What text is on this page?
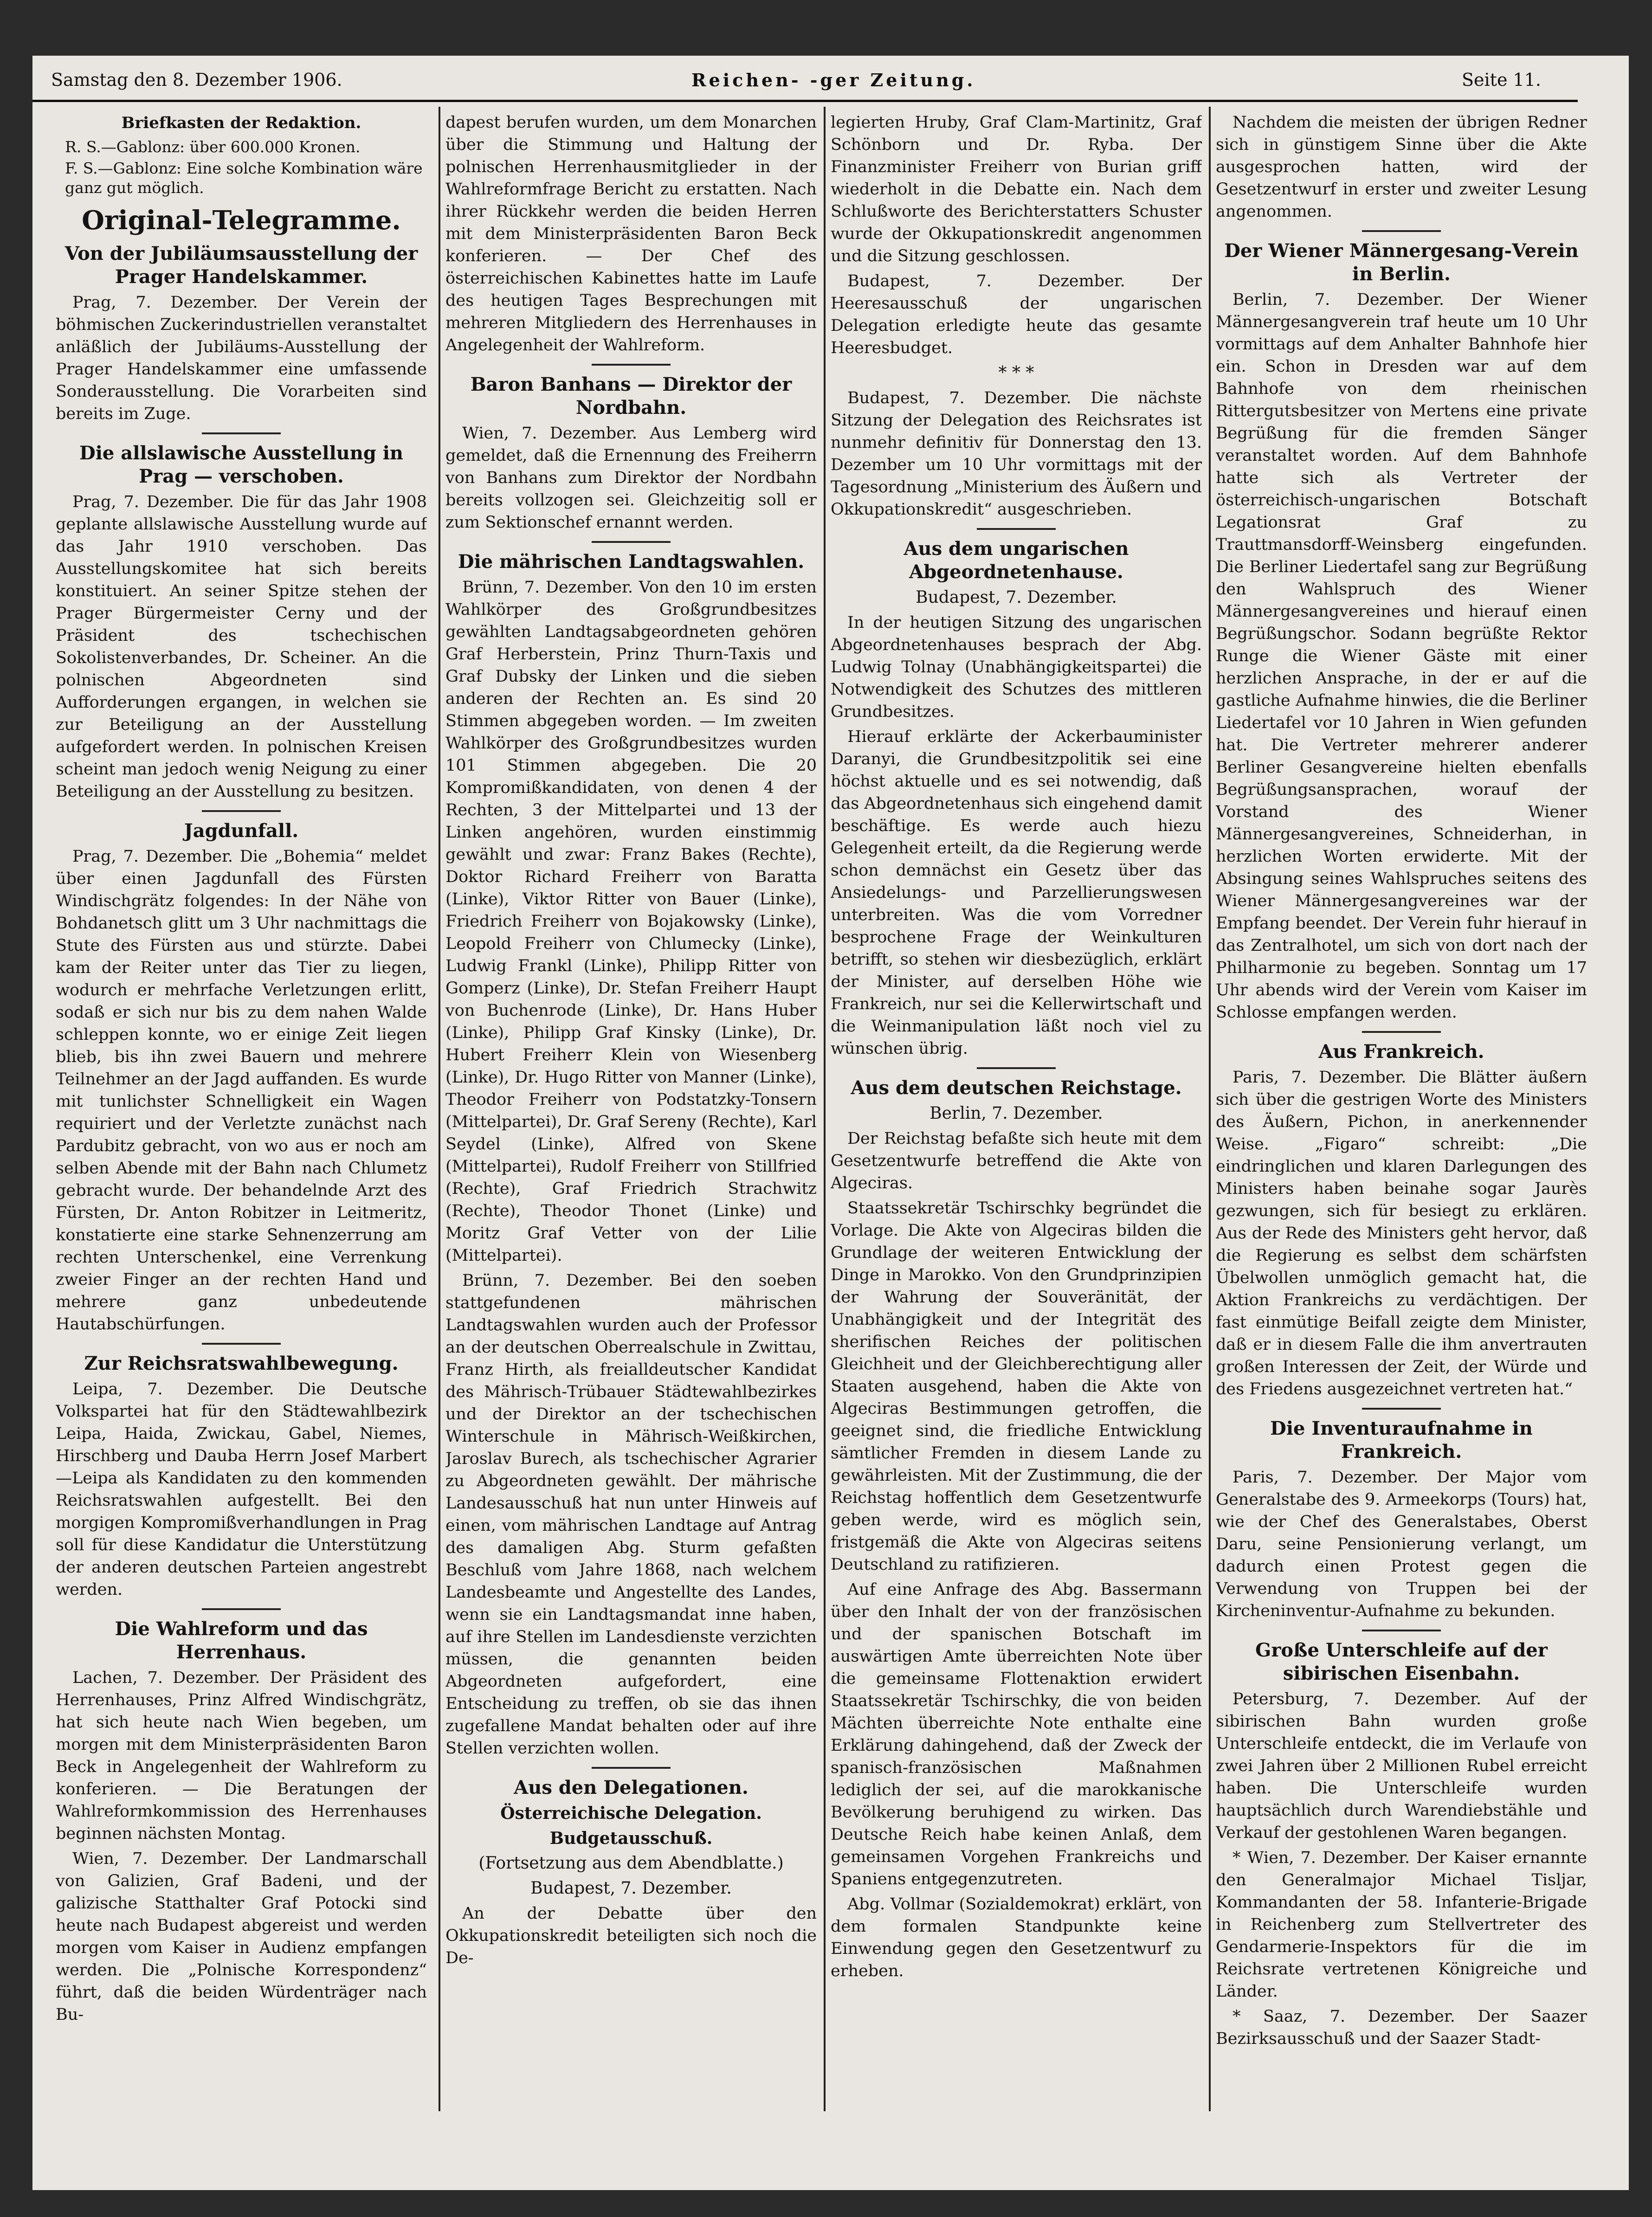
Samstag den 8. Dezember 1906.	Reichen‑ ‑ger Zeitung.	Seite 11.
Briefkasten der Redaktion.
R. S.—Gablonz: über 600.000 Kronen.
F. S.—Gablonz: Eine solche Kombination wäre ganz gut möglich.
Original‑Telegramme.
Von der Jubiläumsausstellung der Prager Handelskammer.

Prag, 7. Dezember. Der Verein der böhmischen Zuckerindustriellen veranstaltet anläßlich der Jubiläums‑Ausstellung der Prager Handelskammer eine umfassende Sonderausstellung. Die Vorarbeiten sind bereits im Zuge.

Die allslawische Ausstellung in Prag — verschoben.

Prag, 7. Dezember. Die für das Jahr 1908 geplante allslawische Ausstellung wurde auf das Jahr 1910 verschoben. Das Ausstellungskomitee hat sich bereits konstituiert. An seiner Spitze stehen der Prager Bürgermeister Cerny und der Präsident des tschechischen Sokolistenverbandes, Dr. Scheiner. An die polnischen Abgeordneten sind Aufforderungen ergangen, in welchen sie zur Beteiligung an der Ausstellung aufgefordert werden. In polnischen Kreisen scheint man jedoch wenig Neigung zu einer Beteiligung an der Ausstellung zu besitzen.

Jagdunfall.

Prag, 7. Dezember. Die „Bohemia“ meldet über einen Jagdunfall des Fürsten Windischgrätz folgendes: In der Nähe von Bohdanetsch glitt um 3 Uhr nachmittags die Stute des Fürsten aus und stürzte. Dabei kam der Reiter unter das Tier zu liegen, wodurch er mehrfache Verletzungen erlitt, sodaß er sich nur bis zu dem nahen Walde schleppen konnte, wo er einige Zeit liegen blieb, bis ihn zwei Bauern und mehrere Teilnehmer an der Jagd auffanden. Es wurde mit tunlichster Schnelligkeit ein Wagen requiriert und der Verletzte zunächst nach Pardubitz gebracht, von wo aus er noch am selben Abende mit der Bahn nach Chlumetz gebracht wurde. Der behandelnde Arzt des Fürsten, Dr. Anton Robitzer in Leitmeritz, konstatierte eine starke Sehnenzerrung am rechten Unterschenkel, eine Verrenkung zweier Finger an der rechten Hand und mehrere ganz unbedeutende Hautabschürfungen.

Zur Reichsratswahlbewegung.

Leipa, 7. Dezember. Die Deutsche Volkspartei hat für den Städtewahlbezirk Leipa, Haida, Zwickau, Gabel, Niemes, Hirschberg und Dauba Herrn Josef Marbert—Leipa als Kandidaten zu den kommenden Reichsratswahlen aufgestellt. Bei den morgigen Kompromißverhandlungen in Prag soll für diese Kandidatur die Unterstützung der anderen deutschen Parteien angestrebt werden.

Die Wahlreform und das Herrenhaus.

Lachen, 7. Dezember. Der Präsident des Herrenhauses, Prinz Alfred Windischgrätz, hat sich heute nach Wien begeben, um morgen mit dem Ministerpräsidenten Baron Beck in Angelegenheit der Wahlreform zu konferieren. — Die Beratungen der Wahlreformkommission des Herrenhauses beginnen nächsten Montag.

Wien, 7. Dezember. Der Landmarschall von Galizien, Graf Badeni, und der galizische Statthalter Graf Potocki sind heute nach Budapest abgereist und werden morgen vom Kaiser in Audienz empfangen werden. Die „Polnische Korrespondenz“ führt, daß die beiden Würdenträger nach Bu‑

dapest berufen wurden, um dem Monarchen über die Stimmung und Haltung der polnischen Herrenhausmitglieder in der Wahlreformfrage Bericht zu erstatten. Nach ihrer Rückkehr werden die beiden Herren mit dem Ministerpräsidenten Baron Beck konferieren. — Der Chef des österreichischen Kabinettes hatte im Laufe des heutigen Tages Besprechungen mit mehreren Mitgliedern des Herrenhauses in Angelegenheit der Wahlreform.

Baron Banhans — Direktor der Nordbahn.

Wien, 7. Dezember. Aus Lemberg wird gemeldet, daß die Ernennung des Freiherrn von Banhans zum Direktor der Nordbahn bereits vollzogen sei. Gleichzeitig soll er zum Sektionschef ernannt werden.

Die mährischen Landtagswahlen.

Brünn, 7. Dezember. Von den 10 im ersten Wahlkörper des Großgrundbesitzes gewählten Landtagsabgeordneten gehören Graf Herberstein, Prinz Thurn‑Taxis und Graf Dubsky der Linken und die sieben anderen der Rechten an. Es sind 20 Stimmen abgegeben worden. — Im zweiten Wahlkörper des Großgrundbesitzes wurden 101 Stimmen abgegeben. Die 20 Kompromißkandidaten, von denen 4 der Rechten, 3 der Mittelpartei und 13 der Linken angehören, wurden einstimmig gewählt und zwar: Franz Bakes (Rechte), Doktor Richard Freiherr von Baratta (Linke), Viktor Ritter von Bauer (Linke), Friedrich Freiherr von Bojakowsky (Linke), Leopold Freiherr von Chlumecky (Linke), Ludwig Frankl (Linke), Philipp Ritter von Gomperz (Linke), Dr. Stefan Freiherr Haupt von Buchenrode (Linke), Dr. Hans Huber (Linke), Philipp Graf Kinsky (Linke), Dr. Hubert Freiherr Klein von Wiesenberg (Linke), Dr. Hugo Ritter von Manner (Linke), Theodor Freiherr von Podstatzky‑Tonsern (Mittelpartei), Dr. Graf Sereny (Rechte), Karl Seydel (Linke), Alfred von Skene (Mittelpartei), Rudolf Freiherr von Stillfried (Rechte), Graf Friedrich Strachwitz (Rechte), Theodor Thonet (Linke) und Moritz Graf Vetter von der Lilie (Mittelpartei).

Brünn, 7. Dezember. Bei den soeben stattgefundenen mährischen Landtagswahlen wurden auch der Professor an der deutschen Oberrealschule in Zwittau, Franz Hirth, als freialldeutscher Kandidat des Mährisch‑Trübauer Städtewahlbezirkes und der Direktor an der tschechischen Winterschule in Mährisch‑Weißkirchen, Jaroslav Burech, als tschechischer Agrarier zu Abgeordneten gewählt. Der mährische Landesausschuß hat nun unter Hinweis auf einen, vom mährischen Landtage auf Antrag des damaligen Abg. Sturm gefaßten Beschluß vom Jahre 1868, nach welchem Landesbeamte und Angestellte des Landes, wenn sie ein Landtagsmandat inne haben, auf ihre Stellen im Landesdienste verzichten müssen, die genannten beiden Abgeordneten aufgefordert, eine Entscheidung zu treffen, ob sie das ihnen zugefallene Mandat behalten oder auf ihre Stellen verzichten wollen.

Aus den Delegationen.
Österreichische Delegation.
Budgetausschuß.
(Fortsetzung aus dem Abendblatte.)
Budapest, 7. Dezember.

An der Debatte über den Okkupationskredit beteiligten sich noch die De‑

legierten Hruby, Graf Clam‑Martinitz, Graf Schönborn und Dr. Ryba. Der Finanzminister Freiherr von Burian griff wiederholt in die Debatte ein. Nach dem Schlußworte des Berichterstatters Schuster wurde der Okkupationskredit angenommen und die Sitzung geschlossen.

Budapest, 7. Dezember. Der Heeresausschuß der ungarischen Delegation erledigte heute das gesamte Heeresbudget.

* * *

Budapest, 7. Dezember. Die nächste Sitzung der Delegation des Reichsrates ist nunmehr definitiv für Donnerstag den 13. Dezember um 10 Uhr vormittags mit der Tagesordnung „Ministerium des Äußern und Okkupationskredit“ ausgeschrieben.

Aus dem ungarischen Abgeordnetenhause.
Budapest, 7. Dezember.

In der heutigen Sitzung des ungarischen Abgeordnetenhauses besprach der Abg. Ludwig Tolnay (Unabhängigkeitspartei) die Notwendigkeit des Schutzes des mittleren Grundbesitzes.

Hierauf erklärte der Ackerbauminister Daranyi, die Grundbesitzpolitik sei eine höchst aktuelle und es sei notwendig, daß das Abgeordnetenhaus sich eingehend damit beschäftige. Es werde auch hiezu Gelegenheit erteilt, da die Regierung werde schon demnächst ein Gesetz über das Ansiedelungs‑ und Parzellierungswesen unterbreiten. Was die vom Vorredner besprochene Frage der Weinkulturen betrifft, so stehen wir diesbezüglich, erklärt der Minister, auf derselben Höhe wie Frankreich, nur sei die Kellerwirtschaft und die Weinmanipulation läßt noch viel zu wünschen übrig.

Aus dem deutschen Reichstage.
Berlin, 7. Dezember.

Der Reichstag befaßte sich heute mit dem Gesetzentwurfe betreffend die Akte von Algeciras.

Staatssekretär Tschirschky begründet die Vorlage. Die Akte von Algeciras bilden die Grundlage der weiteren Entwicklung der Dinge in Marokko. Von den Grundprinzipien der Wahrung der Souveränität, der Unabhängigkeit und der Integrität des sherifischen Reiches der politischen Gleichheit und der Gleichberechtigung aller Staaten ausgehend, haben die Akte von Algeciras Bestimmungen getroffen, die geeignet sind, die friedliche Entwicklung sämtlicher Fremden in diesem Lande zu gewährleisten. Mit der Zustimmung, die der Reichstag hoffentlich dem Gesetzentwurfe geben werde, wird es möglich sein, fristgemäß die Akte von Algeciras seitens Deutschland zu ratifizieren.

Auf eine Anfrage des Abg. Bassermann über den Inhalt der von der französischen und der spanischen Botschaft im auswärtigen Amte überreichten Note über die gemeinsame Flottenaktion erwidert Staatssekretär Tschirschky, die von beiden Mächten überreichte Note enthalte eine Erklärung dahingehend, daß der Zweck der spanisch‑französischen Maßnahmen lediglich der sei, auf die marokkanische Bevölkerung beruhigend zu wirken. Das Deutsche Reich habe keinen Anlaß, dem gemeinsamen Vorgehen Frankreichs und Spaniens entgegenzutreten.

Abg. Vollmar (Sozialdemokrat) erklärt, von dem formalen Standpunkte keine Einwendung gegen den Gesetzentwurf zu erheben.

Nachdem die meisten der übrigen Redner sich in günstigem Sinne über die Akte ausgesprochen hatten, wird der Gesetzentwurf in erster und zweiter Lesung angenommen.

Der Wiener Männergesang‑Verein in Berlin.

Berlin, 7. Dezember. Der Wiener Männergesangverein traf heute um 10 Uhr vormittags auf dem Anhalter Bahnhofe hier ein. Schon in Dresden war auf dem Bahnhofe von dem rheinischen Rittergutsbesitzer von Mertens eine private Begrüßung für die fremden Sänger veranstaltet worden. Auf dem Bahnhofe hatte sich als Vertreter der österreichisch‑ungarischen Botschaft Legationsrat Graf zu Trauttmansdorff‑Weinsberg eingefunden. Die Berliner Liedertafel sang zur Begrüßung den Wahlspruch des Wiener Männergesangvereines und hierauf einen Begrüßungschor. Sodann begrüßte Rektor Runge die Wiener Gäste mit einer herzlichen Ansprache, in der er auf die gastliche Aufnahme hinwies, die die Berliner Liedertafel vor 10 Jahren in Wien gefunden hat. Die Vertreter mehrerer anderer Berliner Gesangvereine hielten ebenfalls Begrüßungsansprachen, worauf der Vorstand des Wiener Männergesangvereines, Schneiderhan, in herzlichen Worten erwiderte. Mit der Absingung seines Wahlspruches seitens des Wiener Männergesangvereines war der Empfang beendet. Der Verein fuhr hierauf in das Zentralhotel, um sich von dort nach der Philharmonie zu begeben. Sonntag um 17 Uhr abends wird der Verein vom Kaiser im Schlosse empfangen werden.

Aus Frankreich.

Paris, 7. Dezember. Die Blätter äußern sich über die gestrigen Worte des Ministers des Äußern, Pichon, in anerkennender Weise. „Figaro“ schreibt: „Die eindringlichen und klaren Darlegungen des Ministers haben beinahe sogar Jaurès gezwungen, sich für besiegt zu erklären. Aus der Rede des Ministers geht hervor, daß die Regierung es selbst dem schärfsten Übelwollen unmöglich gemacht hat, die Aktion Frankreichs zu verdächtigen. Der fast einmütige Beifall zeigte dem Minister, daß er in diesem Falle die ihm anvertrauten großen Interessen der Zeit, der Würde und des Friedens ausgezeichnet vertreten hat.“

Die Inventuraufnahme in Frankreich.

Paris, 7. Dezember. Der Major vom Generalstabe des 9. Armeekorps (Tours) hat, wie der Chef des Generalstabes, Oberst Daru, seine Pensionierung verlangt, um dadurch einen Protest gegen die Verwendung von Truppen bei der Kircheninventur‑Aufnahme zu bekunden.

Große Unterschleife auf der sibirischen Eisenbahn.

Petersburg, 7. Dezember. Auf der sibirischen Bahn wurden große Unterschleife entdeckt, die im Verlaufe von zwei Jahren über 2 Millionen Rubel erreicht haben. Die Unterschleife wurden hauptsächlich durch Warendiebstähle und Verkauf der gestohlenen Waren begangen.

* Wien, 7. Dezember. Der Kaiser ernannte den Generalmajor Michael Tisljar, Kommandanten der 58. Infanterie‑Brigade in Reichenberg zum Stellvertreter des Gendarmerie‑Inspektors für die im Reichsrate vertretenen Königreiche und Länder.

* Saaz, 7. Dezember. Der Saazer Bezirksausschuß und der Saazer Stadt‑
